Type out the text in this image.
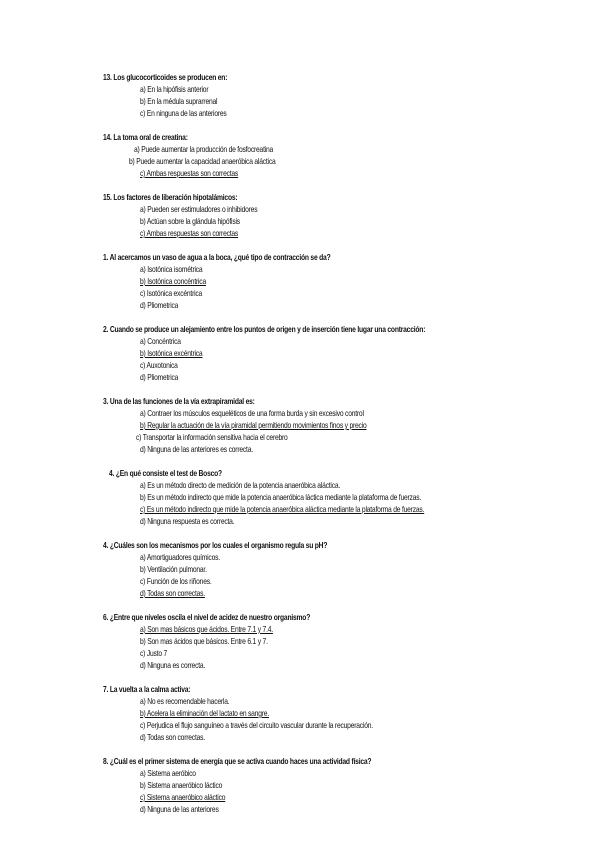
13. Los glucocorticoides se producen en:
a) En la hipófisis anterior
b) En la médula suprarrenal
c) En ninguna de las anteriores
14. La toma oral de creatina:
a) Puede aumentar la producción de fosfocreatina
b) Puede aumentar la capacidad anaeróbica aláctica
c) Ambas respuestas son correctas
15. Los factores de liberación hipotalámicos:
a) Pueden ser estimuladores o inhibidores
b) Actúan sobre la glándula hipófisis
c) Ambas respuestas son correctas
1. Al acercamos un vaso de agua a la boca, ¿qué tipo de contracción se da?
a) Isotónica isométrica
b) Isotónica concéntrica
c) Isotónica excéntrica
d) Pliometrica
2. Cuando se produce un alejamiento entre los puntos de origen y de inserción tiene lugar una contracción:
a) Concéntrica
b) Isotónica excéntrica
c) Auxotonica
d) Pliometrica
3. Una de las funciones de la vía extrapiramidal es:
a) Contraer los músculos esqueléticos de una forma burda y sin excesivo control
b) Regular la actuación de la vía piramidal permitiendo movimientos finos y precio
c) Transportar la información sensitiva hacia el cerebro
d) Ninguna de las anteriores es correcta.
4. ¿En qué consiste el test de Bosco?
a) Es un método directo de medición de la potencia anaeróbica aláctica.
b) Es un método indirecto que mide la potencia anaeróbica láctica mediante la plataforma de fuerzas.
c) Es un método indirecto que mide la potencia anaeróbica aláctica mediante la plataforma de fuerzas.
d) Ninguna respuesta es correcta.
4. ¿Cuáles son los mecanismos por los cuales el organismo regula su pH?
a) Amortiguadores químicos.
b) Ventilación pulmonar.
c) Función de los riñones.
d) Todas son correctas.
6. ¿Entre que niveles oscila el nivel de acidez de nuestro organismo?
a) Son mas básicos que ácidos. Entre 7.1 y 7.4.
b) Son mas ácidos que básicos. Entre 6.1 y 7.
c) Justo 7
d) Ninguna es correcta.
7. La vuelta a la calma activa:
a) No es recomendable hacerla.
b) Acelera la eliminación del lactato en sangre.
c) Perjudica el flujo sanguíneo a través del circuito vascular durante la recuperación.
d) Todas son correctas.
8. ¿Cuál es el primer sistema de energía que se activa cuando haces una actividad física?
a) Sistema aeróbico
b) Sistema anaeróbico láctico
c) Sistema anaeróbico aláctico
d) Ninguna de las anteriores
